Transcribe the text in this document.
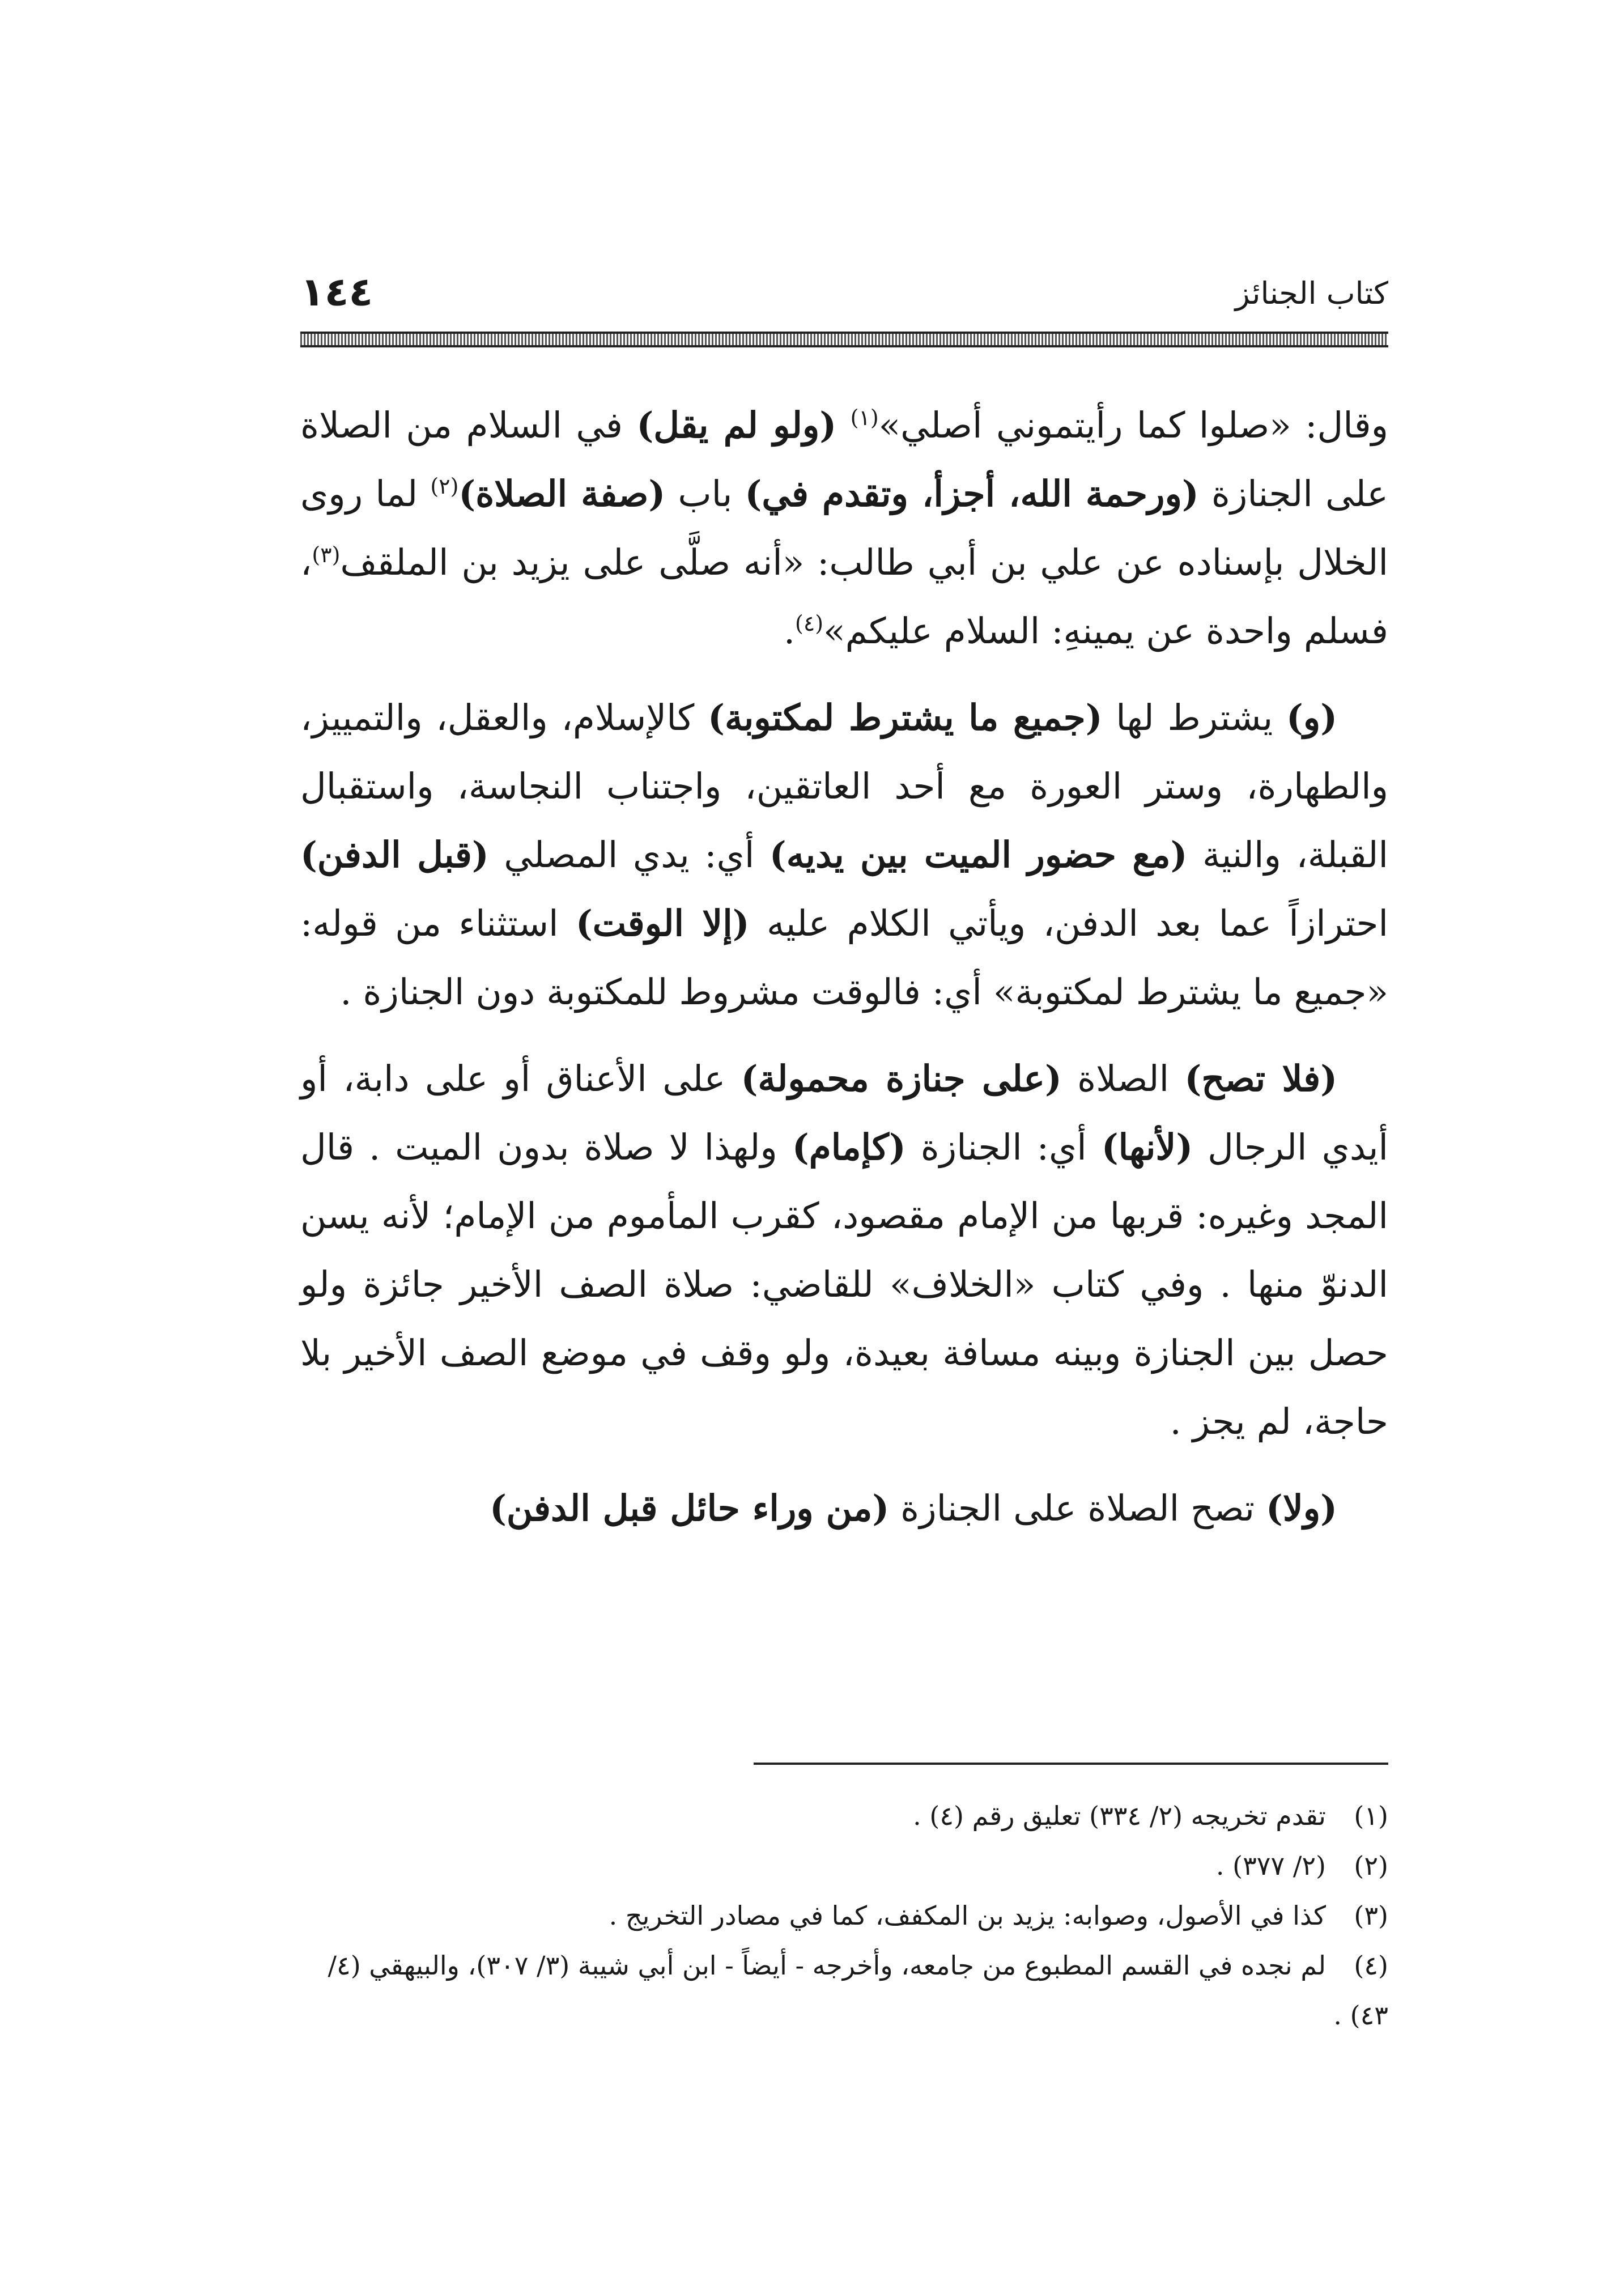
١٤٤	كتاب الجنائز

وقال: «صلوا كما رأيتموني أصلي»$^{(١)}$ (ولو لم يقل) في السلام من الصلاة على الجنازة (ورحمة الله، أجزأ، وتقدم في) باب (صفة الصلاة)$^{(٢)}$ لما روى الخلال بإسناده عن علي بن أبي طالب: «أنه صلَّى على يزيد بن الملقف$^{(٣)}$، فسلم واحدة عن يمينهِ: السلام عليكم»$^{(٤)}$.

(و) يشترط لها (جميع ما يشترط لمكتوبة) كالإسلام، والعقل، والتمييز، والطهارة، وستر العورة مع أحد العاتقين، واجتناب النجاسة، واستقبال القبلة، والنية (مع حضور الميت بين يديه) أي: يدي المصلي (قبل الدفن) احترازاً عما بعد الدفن، ويأتي الكلام عليه (إلا الوقت) استثناء من قوله: «جميع ما يشترط لمكتوبة» أي: فالوقت مشروط للمكتوبة دون الجنازة .

(فلا تصح) الصلاة (على جنازة محمولة) على الأعناق أو على دابة، أو أيدي الرجال (لأنها) أي: الجنازة (كإمام) ولهذا لا صلاة بدون الميت . قال المجد وغيره: قربها من الإمام مقصود، كقرب المأموم من الإمام؛ لأنه يسن الدنوّ منها . وفي كتاب «الخلاف» للقاضي: صلاة الصف الأخير جائزة ولو حصل بين الجنازة وبينه مسافة بعيدة، ولو وقف في موضع الصف الأخير بلا حاجة، لم يجز .

(ولا) تصح الصلاة على الجنازة (من وراء حائل قبل الدفن)

(١)تقدم تخريجه (٢/ ٣٣٤) تعليق رقم (٤) .

(٢)(٢/ ٣٧٧) .

(٣)كذا في الأصول، وصوابه: يزيد بن المكفف، كما في مصادر التخريج .

(٤)لم نجده في القسم المطبوع من جامعه، وأخرجه - أيضاً - ابن أبي شيبة (٣/ ٣٠٧)، والبيهقي (٤/ ٤٣) .
